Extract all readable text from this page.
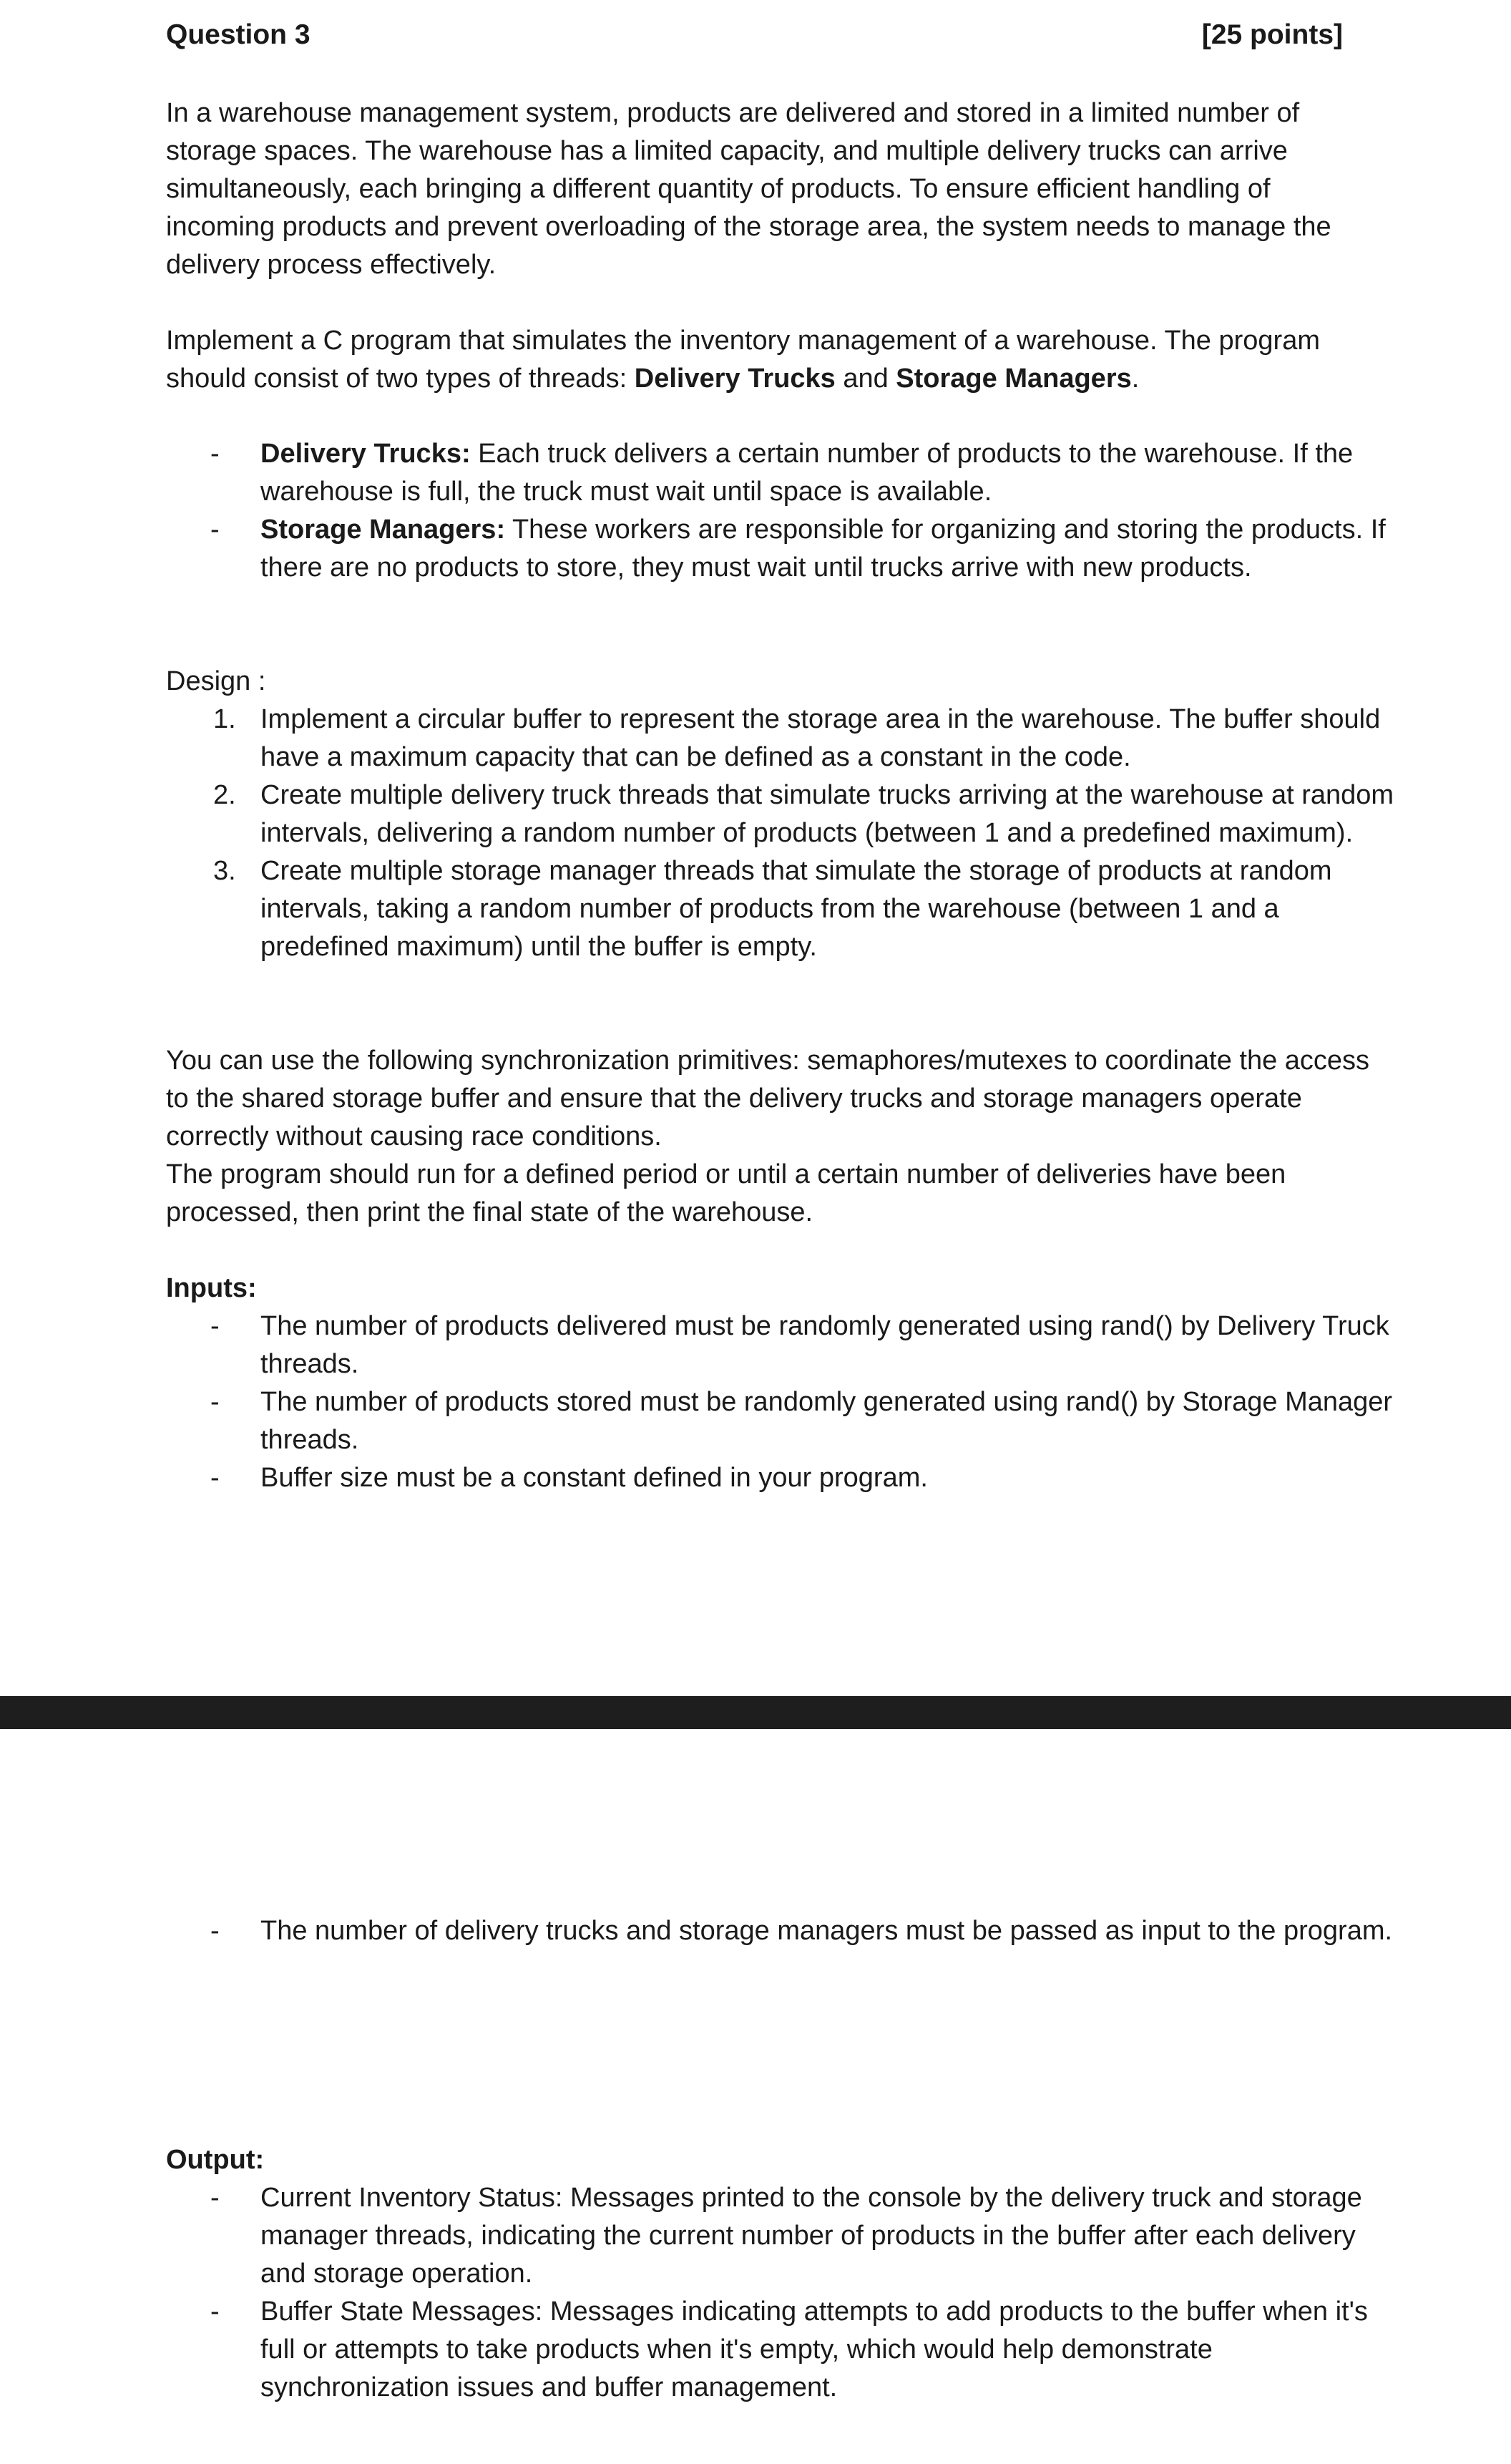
Question 3	[25 points]

In a warehouse management system, products are delivered and stored in a limited number of storage spaces. The warehouse has a limited capacity, and multiple delivery trucks can arrive simultaneously, each bringing a different quantity of products. To ensure efficient handling of incoming products and prevent overloading of the storage area, the system needs to manage the delivery process effectively.

Implement a C program that simulates the inventory management of a warehouse. The program should consist of two types of threads: Delivery Trucks and Storage Managers.

- Delivery Trucks: Each truck delivers a certain number of products to the warehouse. If the warehouse is full, the truck must wait until space is available.
- Storage Managers: These workers are responsible for organizing and storing the products. If there are no products to store, they must wait until trucks arrive with new products.

Design :

1. Implement a circular buffer to represent the storage area in the warehouse. The buffer should have a maximum capacity that can be defined as a constant in the code.
2. Create multiple delivery truck threads that simulate trucks arriving at the warehouse at random intervals, delivering a random number of products (between 1 and a predefined maximum).
3. Create multiple storage manager threads that simulate the storage of products at random intervals, taking a random number of products from the warehouse (between 1 and a predefined maximum) until the buffer is empty.

You can use the following synchronization primitives: semaphores/mutexes to coordinate the access to the shared storage buffer and ensure that the delivery trucks and storage managers operate correctly without causing race conditions.

The program should run for a defined period or until a certain number of deliveries have been processed, then print the final state of the warehouse.

Inputs:

- The number of products delivered must be randomly generated using rand() by Delivery Truck threads.
- The number of products stored must be randomly generated using rand() by Storage Manager threads.
- Buffer size must be a constant defined in your program.
- The number of delivery trucks and storage managers must be passed as input to the program.

Output:

- Current Inventory Status: Messages printed to the console by the delivery truck and storage manager threads, indicating the current number of products in the buffer after each delivery and storage operation.
- Buffer State Messages: Messages indicating attempts to add products to the buffer when it's full or attempts to take products when it's empty, which would help demonstrate synchronization issues and buffer management.
